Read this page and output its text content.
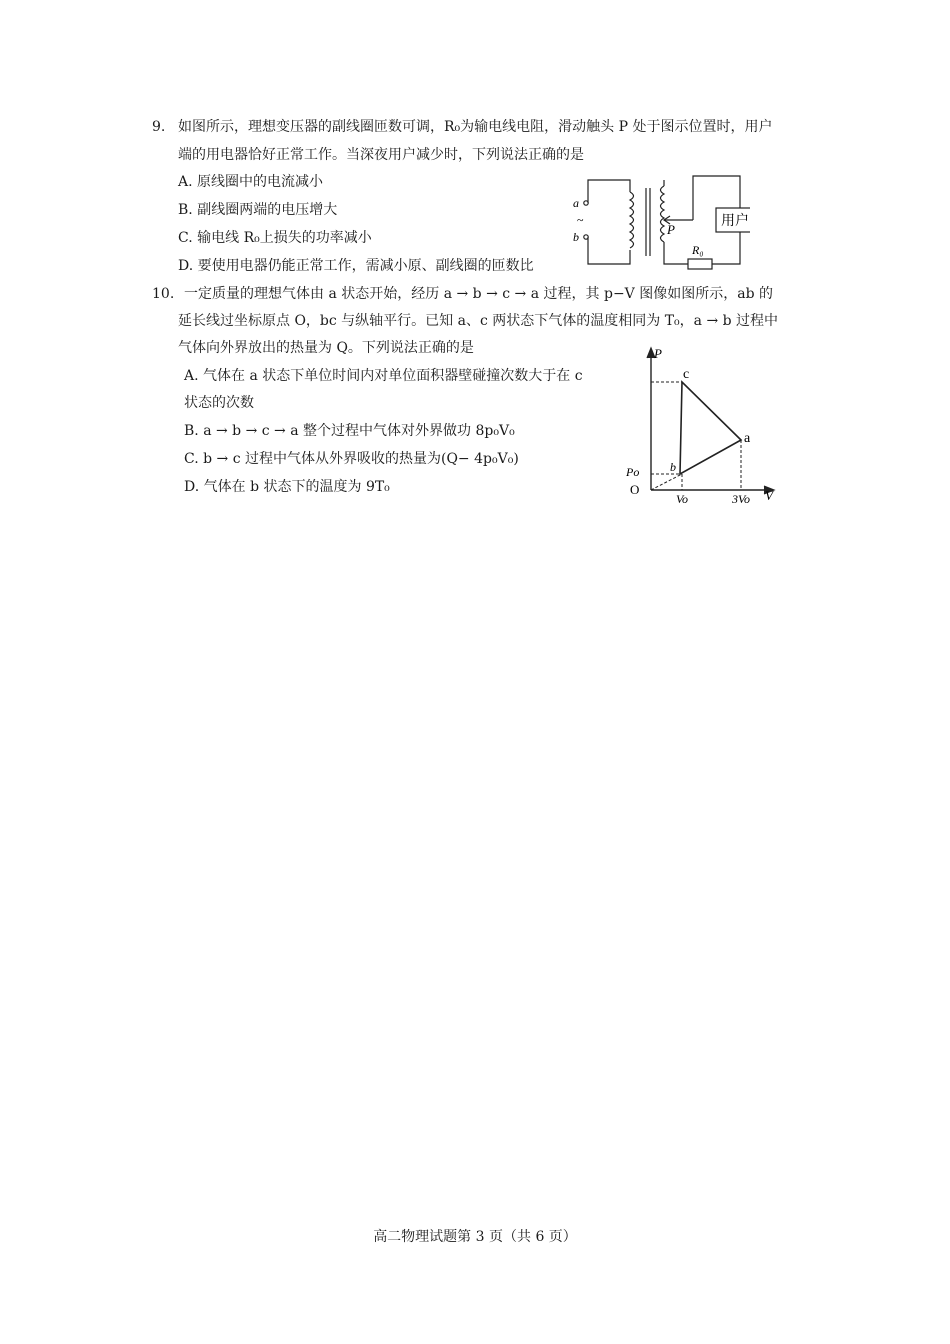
9. 如图所示，理想变压器的副线圈匝数可调，R₀为输电线电阻，滑动触头 P 处于图示位置时，用户
端的用电器恰好正常工作。当深夜用户减少时，下列说法正确的是
A. 原线圈中的电流减小
B. 副线圈两端的电压增大
C. 输电线 R₀上损失的功率减小
D. 要使用电器仍能正常工作，需减小原、副线圈的匝数比
a
b
~
P
用户
R₀
10. 一定质量的理想气体由 a 状态开始，经历 a → b → c → a 过程，其 p−V 图像如图所示，ab 的
延长线过坐标原点 O，bc 与纵轴平行。已知 a、c 两状态下气体的温度相同为 T₀，a → b 过程中
气体向外界放出的热量为 Q。下列说法正确的是
A. 气体在 a 状态下单位时间内对单位面积器壁碰撞次数大于在 c
状态的次数
B. a → b → c → a 整个过程中气体对外界做功 8p₀V₀
C. b → c 过程中气体从外界吸收的热量为(Q− 4p₀V₀)
D. 气体在 b 状态下的温度为 9T₀
P
V
O
Po
Vo	3Vo
a
b
c
高二物理试题第 3 页（共 6 页）
